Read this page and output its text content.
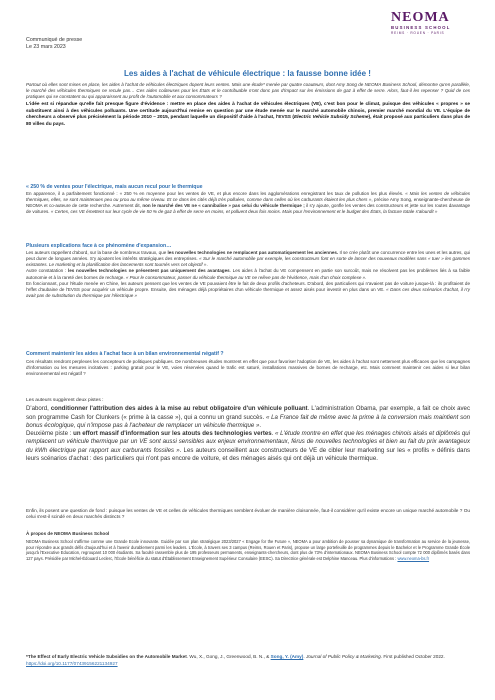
NEOMA
BUSINESS SCHOOL
REIMS · ROUEN · PARIS
Communiqué de presse
Le 23 mars 2023
Les aides à l'achat de véhicule électrique : la fausse bonne idée !

Partout où elles sont mises en place, les aides à l'achat de véhicules électriques dopent leurs ventes. Mais une étude* menée par quatre coauteurs, dont Amy Song de NEOMA Business School, démontre qu'en parallèle, le marché des véhicules thermiques ne recule pas… Ces aides coûteuses pour les États et le contribuable n'ont donc pas d'impact sur les émissions de gaz à effet de serre. Alors, faut-il les repenser ? Quid de ces pratiques qui se constatent ou qui apparaissent au profit de l'automobile et aux consommateurs ?

L'idée est si répandue qu'elle fait presque figure d'évidence : mettre en place des aides à l'achat de véhicules électriques (VE), c'est bon pour le climat, puisque des véhicules « propres » se substituent ainsi à des véhicules polluants. Une certitude aujourd'hui remise en question par une étude menée sur le marché automobile chinois, premier marché mondial du VE. L'équipe de chercheurs a observé plus précisément la période 2010 – 2015, pendant laquelle un dispositif d'aide à l'achat, l'EVSS (Electric Vehicle Subsidy Scheme), était proposé aux particuliers dans plus de 80 villes du pays.

« 250 % de ventes pour l'électrique, mais aucun recul pour le thermique

En apparence, il a parfaitement fonctionné : « 250 % en moyenne pour les ventes de VE, et plus encore dans les agglomérations enregistrant les taux de pollution les plus élevés. « Mais les ventes de véhicules thermiques, elles, se sont maintenues peu ou prou au même niveau. Et ce dans les cités déjà très polluées, comme dans celles où les carburants étaient les plus chers », précise Amy Song, enseignante-chercheuse de NEOMA et co-auteure de cette recherche. Autrement dit, non le marché des VE ne « cannibalise » pas celui du véhicule thermique ; il s'y ajoute, gonfle les ventes des constructeurs et jette sur les routes davantage de voitures. « Certes, ces VE émettent sur leur cycle de vie 50 % de gaz à effet de serre en moins, et polluent deux fois moins. Mais pour l'environnement et le budget des États, la facture totale s'alourdit »

Plusieurs explications face à ce phénomène d'expansion…

Les auteurs rappellent d'abord, sur la base de nombreux travaux, que les nouvelles technologies ne remplacent pas automatiquement les anciennes. Il se crée plutôt une concurrence entre les unes et les autres, qui peut durer de longues années. S'y ajoutent les intérêts stratégiques des entreprises. « Sur le marché automobile par exemple, les constructeurs font en sorte de lancer des nouveaux modèles sans « tuer » les gammes existantes. Le marketing et la planification des lancements sont tournés vers cet objectif ».

Autre constatation : les nouvelles technologies ne présentent pas uniquement des avantages. Les aides à l'achat du VE compensent en partie son surcoût, mais ne résolvent pas les problèmes liés à sa faible autonomie et à la rareté des bornes de recharge. « Pour le consommateur, passer du véhicule thermique au VE ne relève pas de l'évidence, mais d'un choix complexe ».

En foncionnant, pour l'étude menée en Chine, les auteurs pensent que les ventes de VE pouvaient être le fait de deux profils d'acheteurs. D'abord, des particuliers qui n'avaient pas de voiture jusque-là : ils profitaient de l'effet d'aubaine de l'EVSS pour acquérir un véhicule propre. Ensuite, des ménages déjà propriétaires d'un véhicule thermique et assez aisés pour investir en plus dans un VE. « Dans ces deux scénarios d'achat, il n'y avait pas de substitution du thermique par l'électrique »

Comment maintenir les aides à l'achat face à un bilan environnemental négatif ?

Ces résultats rendront perplexes les concepteurs de politiques publiques. De nombreuses études montrent en effet que pour favoriser l'adoption de VE, les aides à l'achat sont nettement plus efficaces que les campagnes d'information ou les mesures incitatives : parking gratuit pour le VE, voies réservées quand le trafic est saturé, installations massives de bornes de recharge, etc. Mais comment maintenir ces aides si leur bilan environnemental est négatif ?

Les auteurs suggèrent deux pistes :

D'abord, conditionner l'attribution des aides à la mise au rebut obligatoire d'un véhicule polluant. L'administration Obama, par exemple, a fait ce choix avec son programme Cash for Clunkers (« prime à la casse »), qui a connu un grand succès. « La France fait de même avec la prime à la conversion mais maintient son bonus écologique, qui n'impose pas à l'acheteur de remplacer un véhicule thermique ».

Deuxième piste : un effort massif d'information sur les atouts des technologies vertes. « L'étude montre en effet que les ménages chinois aisés et diplômés qui remplacent un véhicule thermique par un VE sont aussi sensibles aux enjeux environnementaux, férus de nouvelles technologies et bien au fait du prix avantageux du kWh électrique par rapport aux carburants fossiles ». Les auteurs conseillent aux constructeurs de VE de cibler leur marketing sur les « profils » définis dans leurs scénarios d'achat : des particuliers qui n'ont pas encore de voiture, et des ménages aisés qui ont déjà un véhicule thermique.

Enfin, ils posent une question de fond : puisque les ventes de VE et celles de véhicules thermiques semblent évoluer de manière cloisonnée, faut-il considérer qu'il existe encore un unique marché automobile ? Ou celui s'est-il scindé en deux marchés distincts ?

À propos de NEOMA Business School

NEOMA Business School s'affirme comme une Grande Ecole innovante. Guidée par son plan stratégique 2023/2027 « Engage for the Future », NEOMA a pour ambition de pousser sa dynamique de transformation au service de la jeunesse, pour répondre aux grands défis d'aujourd'hui et à l'avenir durablement parmi les leaders. L'École, à travers ses 3 campus (Reims, Rouen et Paris), propose un large portefeuille de programmes depuis le Bachelor et le Programme Grande École jusqu'à l'Executive Education, regroupant 10 000 étudiants. Sa faculté rassemble plus de 195 professeurs permanents, enseignants-chercheurs, dont plus de 73% d'internationaux. NEOMA Business School compte 72 000 diplômés basés dans 127 pays. Présidée par Michel-Édouard Leclerc, l'École bénéficie du statut d'Établissement Enseignement Supérieur Consulaire (EESC). Sa Directrice générale est Delphine Manceau. Plus d'informations : www.neoma-bs.fr

*The Effect of Early Electric Vehicle Subsidies on the Automobile Market. Wu, X., Gong, J., Greenwood, B. N., & Song, Y. (Amy). Journal of Public Policy & Marketing. First published October 2022. https://doi.org/10.1177/07439156221134927
